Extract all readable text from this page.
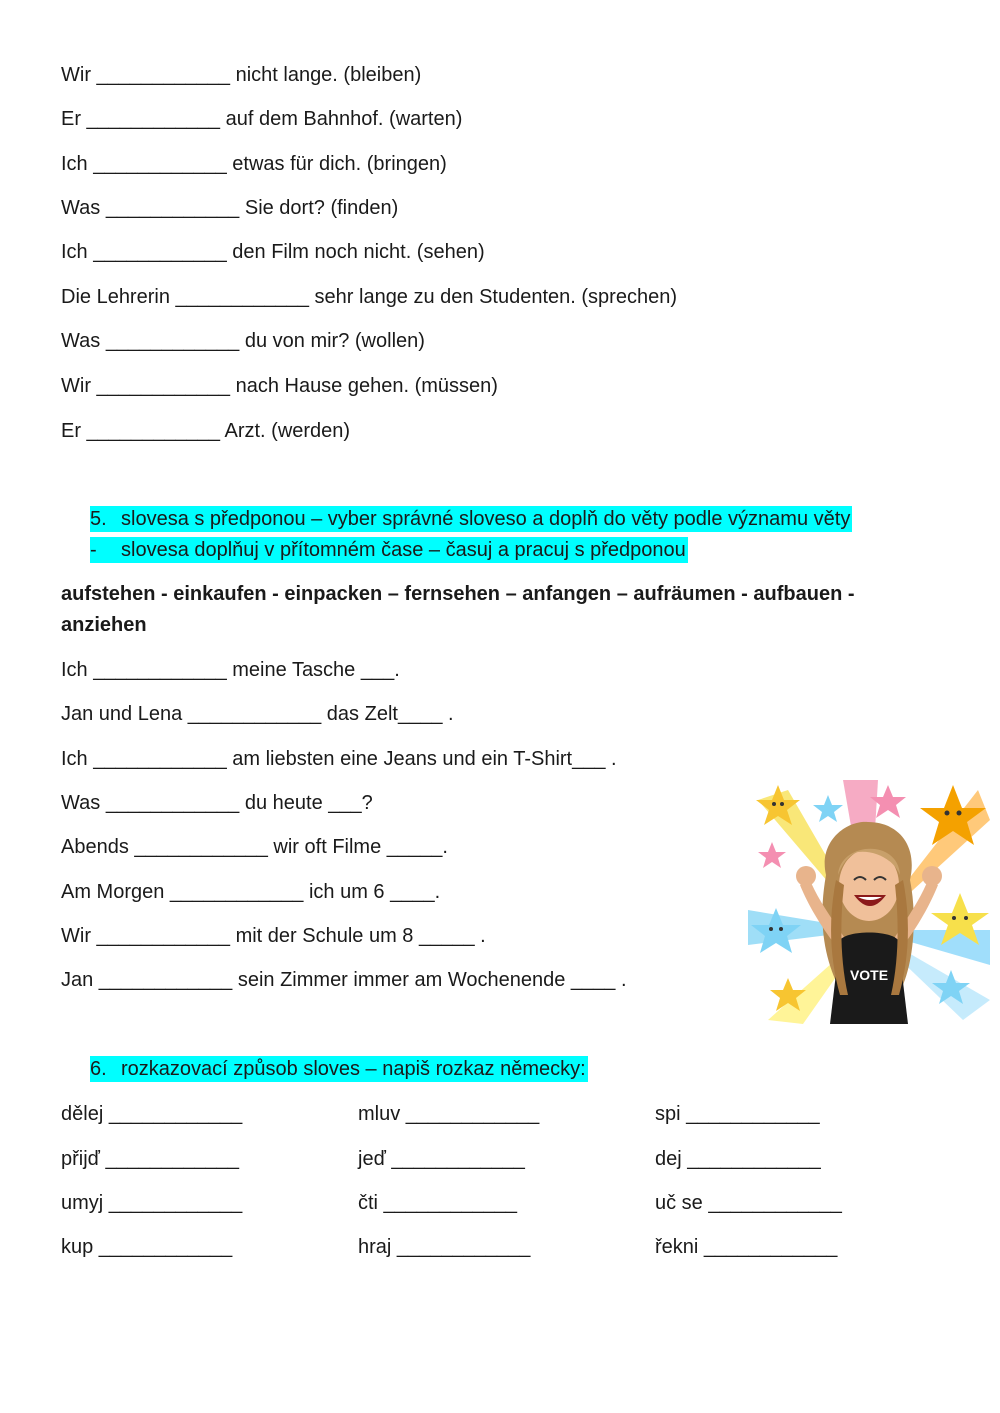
Wir ____________ nicht lange. (bleiben)
Er ____________ auf dem Bahnhof. (warten)
Ich ____________ etwas für dich. (bringen)
Was ____________ Sie dort? (finden)
Ich ____________ den Film noch nicht. (sehen)
Die Lehrerin ____________ sehr lange zu den Studenten. (sprechen)
Was ____________ du von mir? (wollen)
Wir ____________ nach Hause gehen. (müssen)
Er ____________ Arzt. (werden)
5. slovesa s předponou – vyber správné sloveso a doplň do věty podle významu věty
- slovesa doplňuj v přítomném čase – časuj a pracuj s předponou
aufstehen - einkaufen - einpacken – fernsehen – anfangen – aufräumen - aufbauen -
anziehen
Ich ____________ meine Tasche ___.
Jan und Lena ____________ das Zelt____ .
Ich ____________ am liebsten eine Jeans und ein T-Shirt___ .
Was ____________ du heute ___?
Abends ____________ wir oft Filme _____.
Am Morgen ____________ ich um 6 ____.
Wir ____________ mit der Schule um 8 _____ .
Jan ____________ sein Zimmer immer am Wochenende ____ .	VOTE
6. rozkazovací způsob sloves – napiš rozkaz německy:
dělej ____________	mluv ____________	spi ____________
přijď ____________	jeď ____________	dej ____________
umyj ____________	čti ____________	uč se ____________
kup ____________	hraj ____________	řekni ____________
